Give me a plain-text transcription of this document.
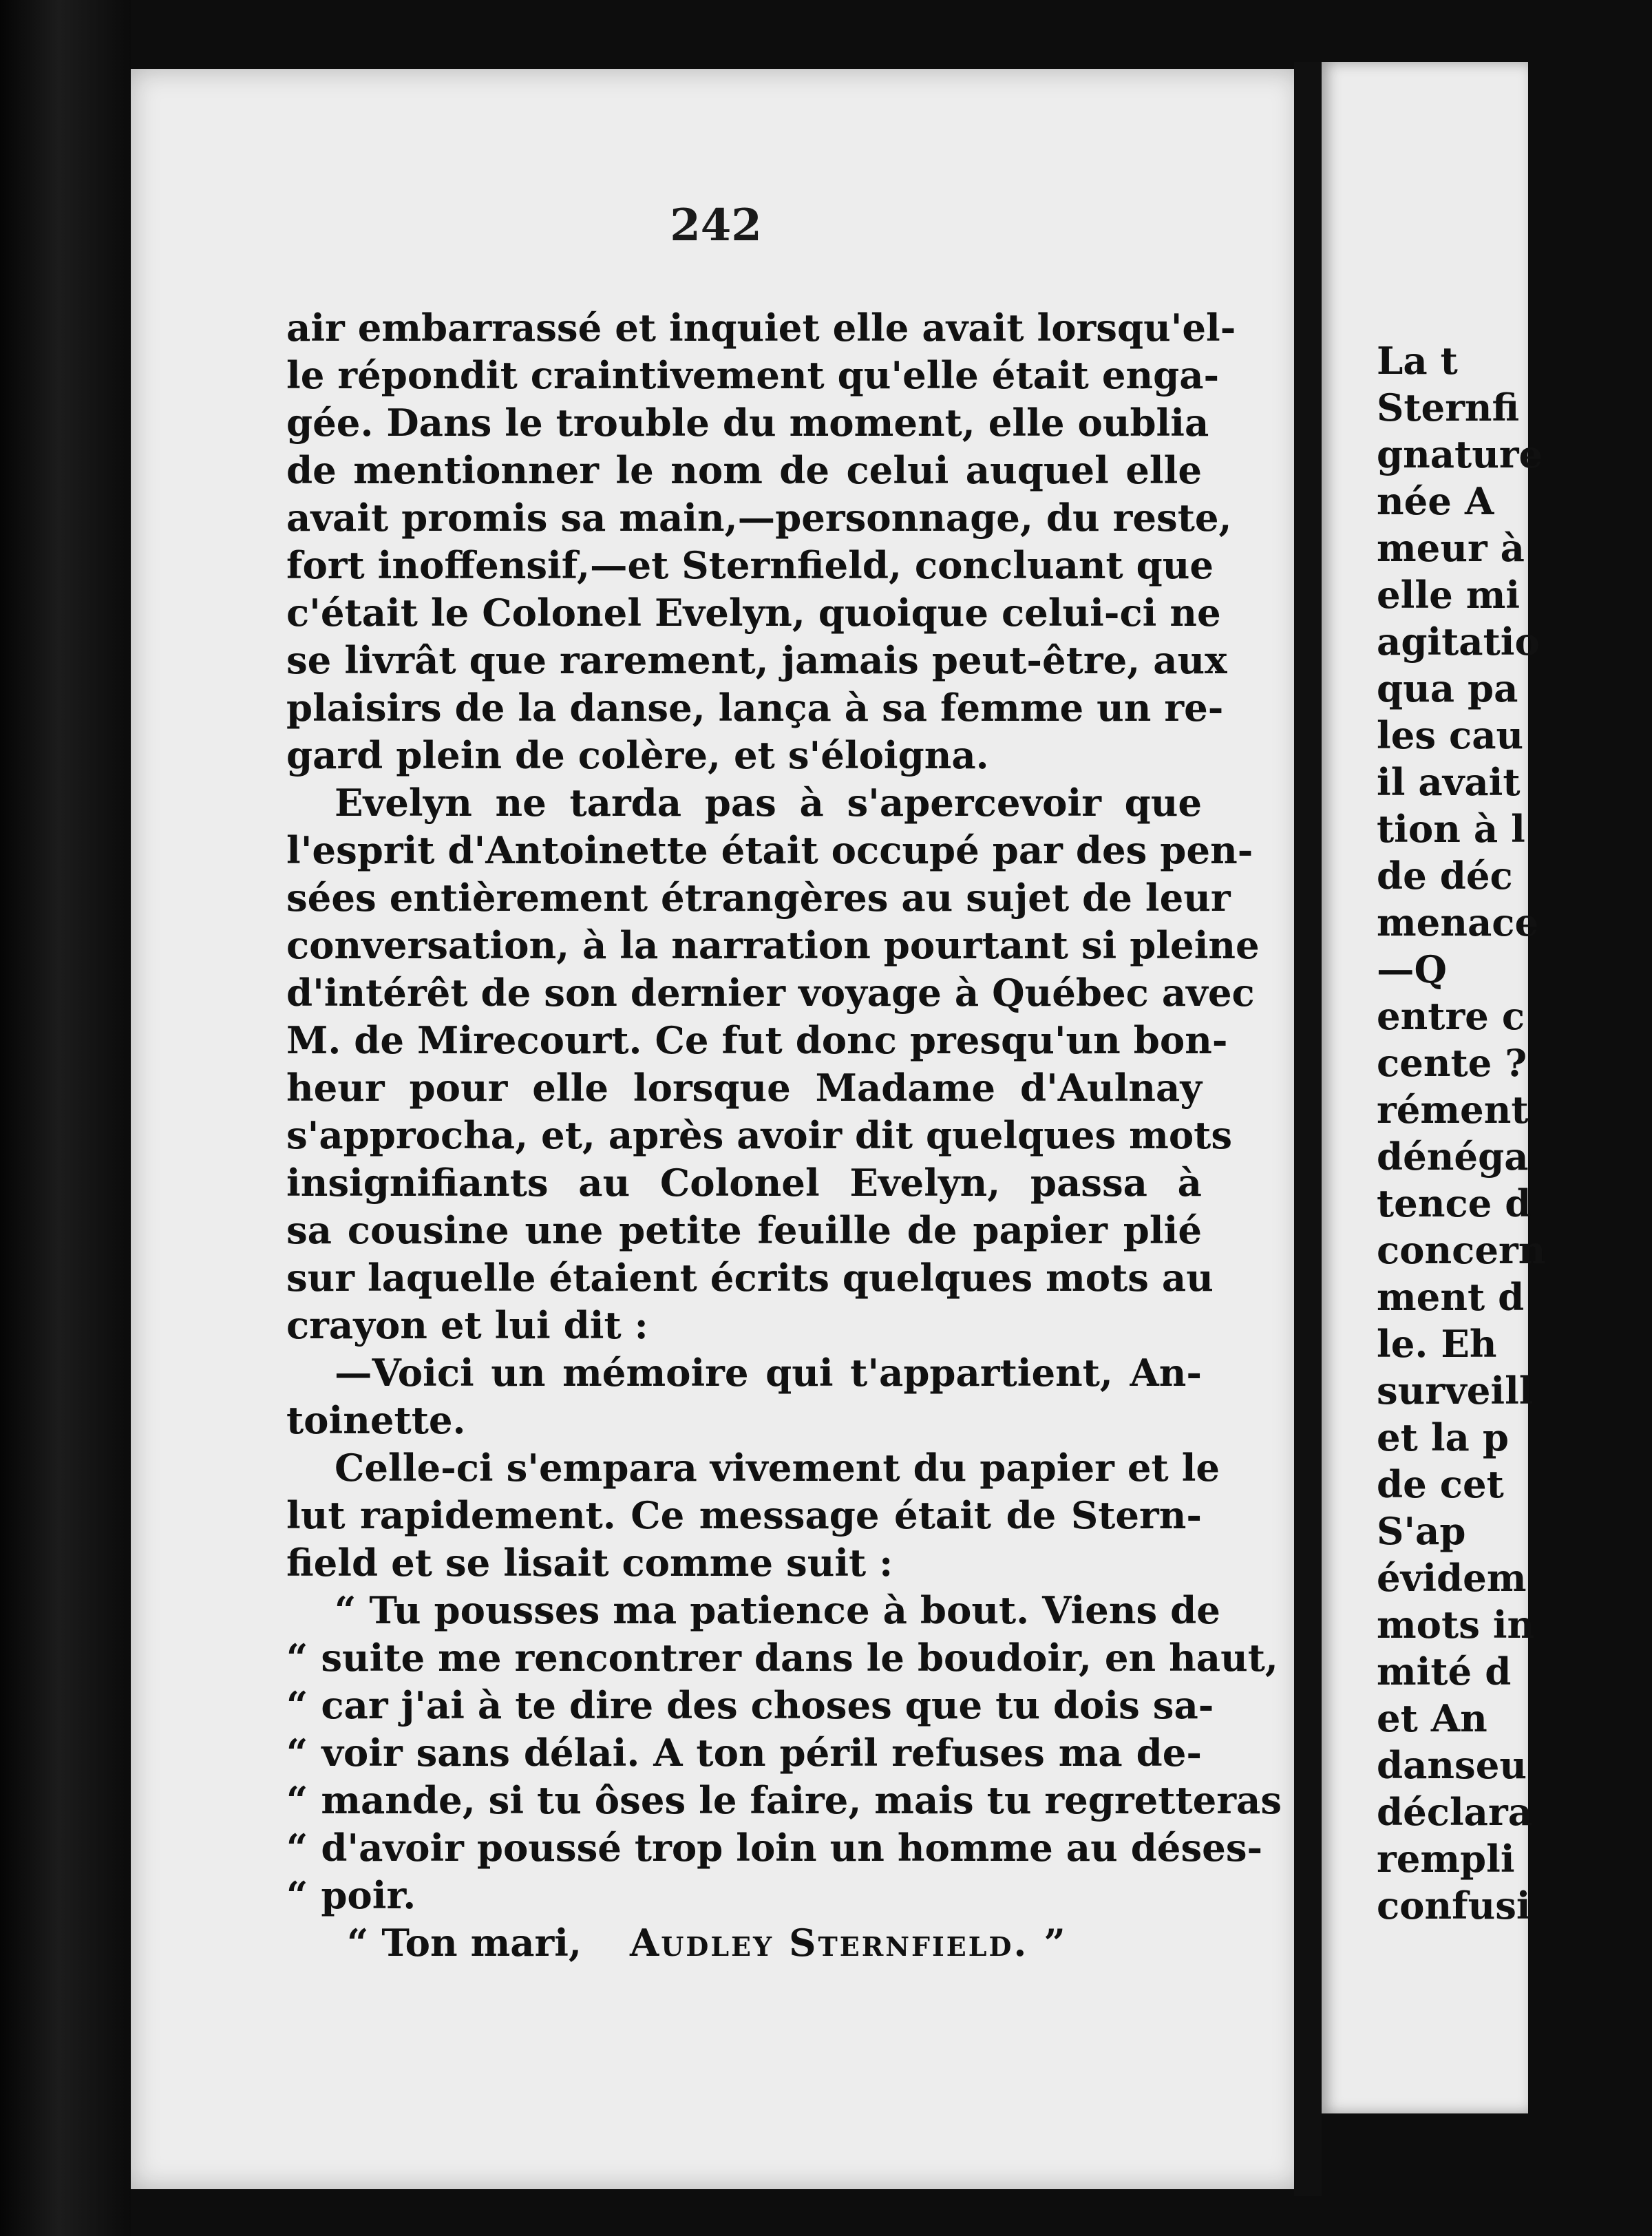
242
air embarrassé et inquiet elle avait lorsqu'el-
le répondit craintivement qu'elle était enga-
gée. Dans le trouble du moment, elle oublia
de mentionner le nom de celui auquel elle
avait promis sa main,—personnage, du reste,
fort inoffensif,—et Sternfield, concluant que
c'était le Colonel Evelyn, quoique celui-ci ne
se livrât que rarement, jamais peut-être, aux
plaisirs de la danse, lança à sa femme un re-
gard plein de colère, et s'éloigna.
Evelyn ne tarda pas à s'apercevoir que
l'esprit d'Antoinette était occupé par des pen-
sées entièrement étrangères au sujet de leur
conversation, à la narration pourtant si pleine
d'intérêt de son dernier voyage à Québec avec
M. de Mirecourt. Ce fut donc presqu'un bon-
heur pour elle lorsque Madame d'Aulnay
s'approcha, et, après avoir dit quelques mots
insignifiants au Colonel Evelyn, passa à
sa cousine une petite feuille de papier plié
sur laquelle étaient écrits quelques mots au
crayon et lui dit :
—Voici un mémoire qui t'appartient, An-
toinette.
Celle-ci s'empara vivement du papier et le
lut rapidement. Ce message était de Stern-
field et se lisait comme suit :
“ Tu pousses ma patience à bout. Viens de
“ suite me rencontrer dans le boudoir, en haut,
“ car j'ai à te dire des choses que tu dois sa-
“ voir sans délai. A ton péril refuses ma de-
“ mande, si tu ôses le faire, mais tu regretteras
“ d'avoir poussé trop loin un homme au déses-
“ poir.
“ Ton mari, Audley Sternfield. ”
La t
Sternfi
gnature
née A
meur à
elle mi
agitatio
qua pa
les cau
il avait
tion à l
de déc
menace
—Q
entre c
cente ?
rément
dénéga
tence d
concern
ment d
le. Eh
surveill
et la p
de cet
S'ap
évidem
mots in
mité d
et An
danseu
déclara
rempli
confusi
